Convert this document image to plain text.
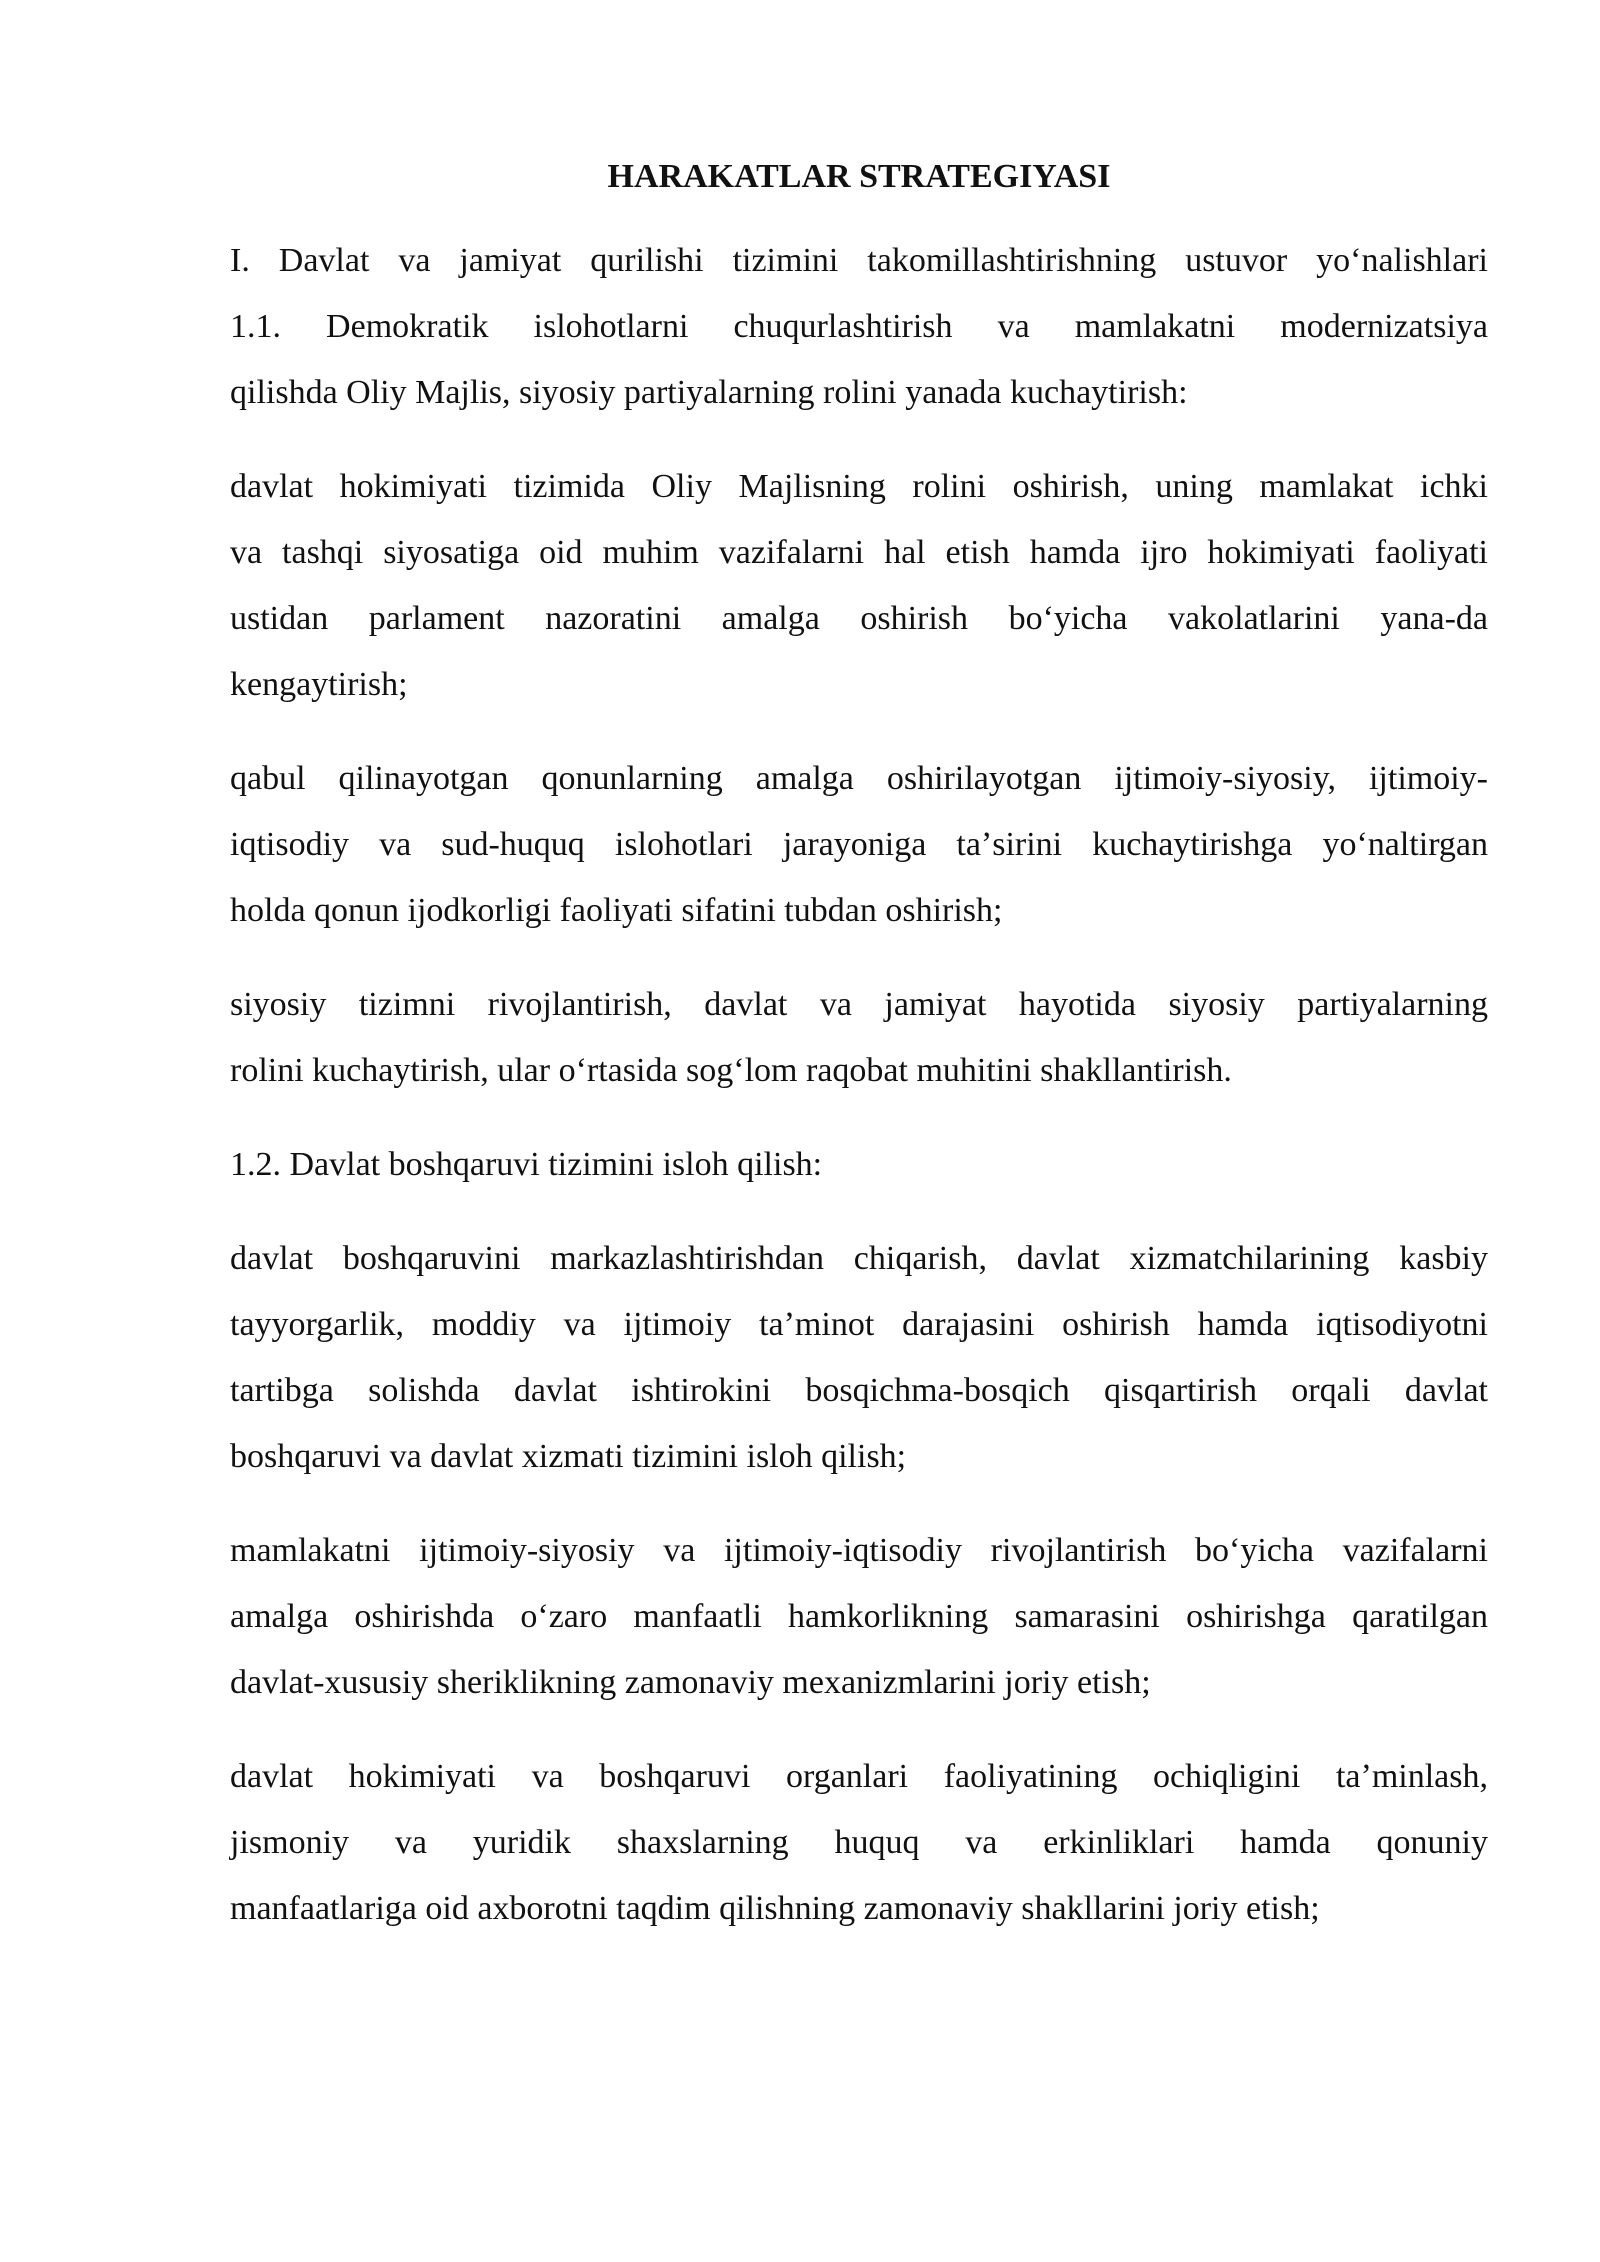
HARAKATLAR STRATEGIYASI
I. Davlat va jamiyat qurilishi tizimini takomillashtirishning ustuvor yoʻnalishlari
1.1. Demokratik islohotlarni chuqurlashtirish va mamlakatni modernizatsiya
qilishda Oliy Majlis, siyosiy partiyalarning rolini yanada kuchaytirish:
davlat hokimiyati tizimida Oliy Majlisning rolini oshirish, uning mamlakat ichki
va tashqi siyosatiga oid muhim vazifalarni hal etish hamda ijro hokimiyati faoliyati
ustidan parlament nazoratini amalga oshirish boʻyicha vakolatlarini yana-da
kengaytirish;
qabul qilinayotgan qonunlarning amalga oshirilayotgan ijtimoiy-siyosiy, ijtimoiy-
iqtisodiy va sud-huquq islohotlari jarayoniga taʼsirini kuchaytirishga yoʻnaltirgan
holda qonun ijodkorligi faoliyati sifatini tubdan oshirish;
siyosiy tizimni rivojlantirish, davlat va jamiyat hayotida siyosiy partiyalarning
rolini kuchaytirish, ular oʻrtasida sogʻlom raqobat muhitini shakllantirish.
1.2. Davlat boshqaruvi tizimini isloh qilish:
davlat boshqaruvini markazlashtirishdan chiqarish, davlat xizmatchilarining kasbiy
tayyorgarlik, moddiy va ijtimoiy taʼminot darajasini oshirish hamda iqtisodiyotni
tartibga solishda davlat ishtirokini bosqichma-bosqich qisqartirish orqali davlat
boshqaruvi va davlat xizmati tizimini isloh qilish;
mamlakatni ijtimoiy-siyosiy va ijtimoiy-iqtisodiy rivojlantirish boʻyicha vazifalarni
amalga oshirishda oʻzaro manfaatli hamkorlikning samarasini oshirishga qaratilgan
davlat-xususiy sheriklikning zamonaviy mexanizmlarini joriy etish;
davlat hokimiyati va boshqaruvi organlari faoliyatining ochiqligini taʼminlash,
jismoniy va yuridik shaxslarning huquq va erkinliklari hamda qonuniy
manfaatlariga oid axborotni taqdim qilishning zamonaviy shakllarini joriy etish;
